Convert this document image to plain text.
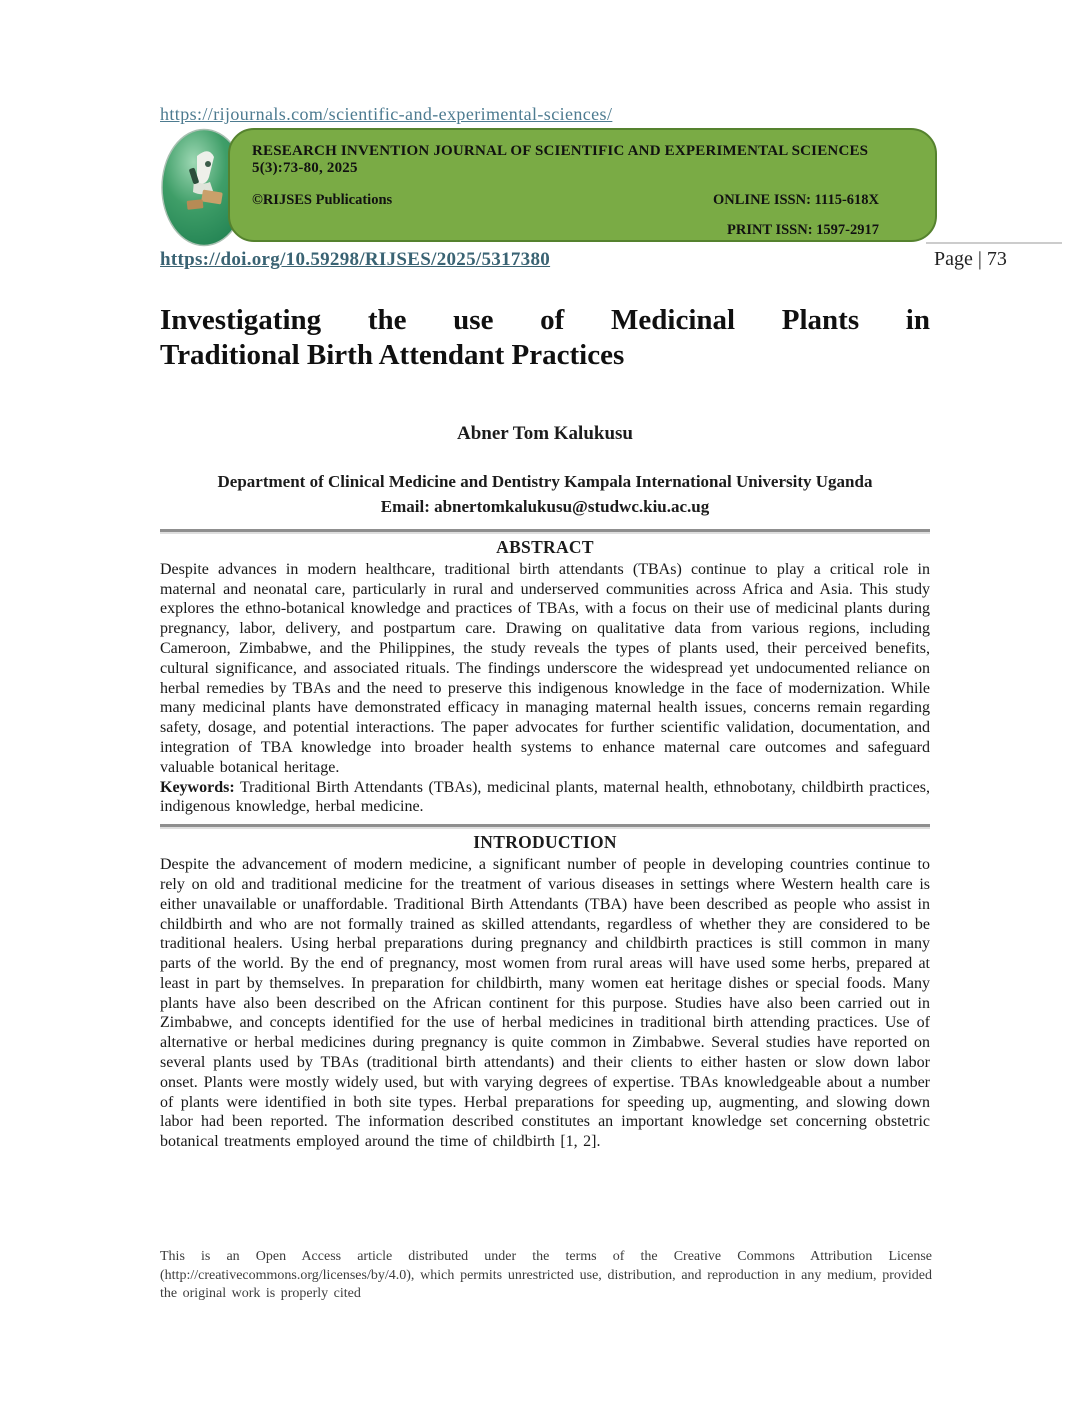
https://rijournals.com/scientific-and-experimental-sciences/
RESEARCH INVENTION JOURNAL OF SCIENTIFIC AND EXPERIMENTAL SCIENCES 5(3):73-80, 2025
©RIJSES Publications	ONLINE ISSN: 1115-618X
PRINT ISSN: 1597-2917
https://doi.org/10.59298/RIJSES/2025/5317380	Page | 73
Investigating the use of Medicinal Plants in
Traditional Birth Attendant Practices
Abner Tom Kalukusu
Department of Clinical Medicine and Dentistry Kampala International University Uganda
Email: abnertomkalukusu@studwc.kiu.ac.ug
ABSTRACT

Despite advances in modern healthcare, traditional birth attendants (TBAs) continue to play a critical role in maternal and neonatal care, particularly in rural and underserved communities across Africa and Asia. This study explores the ethno-botanical knowledge and practices of TBAs, with a focus on their use of medicinal plants during pregnancy, labor, delivery, and postpartum care. Drawing on qualitative data from various regions, including Cameroon, Zimbabwe, and the Philippines, the study reveals the types of plants used, their perceived benefits, cultural significance, and associated rituals. The findings underscore the widespread yet undocumented reliance on herbal remedies by TBAs and the need to preserve this indigenous knowledge in the face of modernization. While many medicinal plants have demonstrated efficacy in managing maternal health issues, concerns remain regarding safety, dosage, and potential interactions. The paper advocates for further scientific validation, documentation, and integration of TBA knowledge into broader health systems to enhance maternal care outcomes and safeguard valuable botanical heritage.

Keywords: Traditional Birth Attendants (TBAs), medicinal plants, maternal health, ethnobotany, childbirth practices, indigenous knowledge, herbal medicine.

INTRODUCTION

Despite the advancement of modern medicine, a significant number of people in developing countries continue to rely on old and traditional medicine for the treatment of various diseases in settings where Western health care is either unavailable or unaffordable. Traditional Birth Attendants (TBA) have been described as people who assist in childbirth and who are not formally trained as skilled attendants, regardless of whether they are considered to be traditional healers. Using herbal preparations during pregnancy and childbirth practices is still common in many parts of the world. By the end of pregnancy, most women from rural areas will have used some herbs, prepared at least in part by themselves. In preparation for childbirth, many women eat heritage dishes or special foods. Many plants have also been described on the African continent for this purpose. Studies have also been carried out in Zimbabwe, and concepts identified for the use of herbal medicines in traditional birth attending practices. Use of alternative or herbal medicines during pregnancy is quite common in Zimbabwe. Several studies have reported on several plants used by TBAs (traditional birth attendants) and their clients to either hasten or slow down labor onset. Plants were mostly widely used, but with varying degrees of expertise. TBAs knowledgeable about a number of plants were identified in both site types. Herbal preparations for speeding up, augmenting, and slowing down labor had been reported. The information described constitutes an important knowledge set concerning obstetric botanical treatments employed around the time of childbirth [1, 2].

This is an Open Access article distributed under the terms of the Creative Commons Attribution License (http://creativecommons.org/licenses/by/4.0), which permits unrestricted use, distribution, and reproduction in any medium, provided the original work is properly cited
